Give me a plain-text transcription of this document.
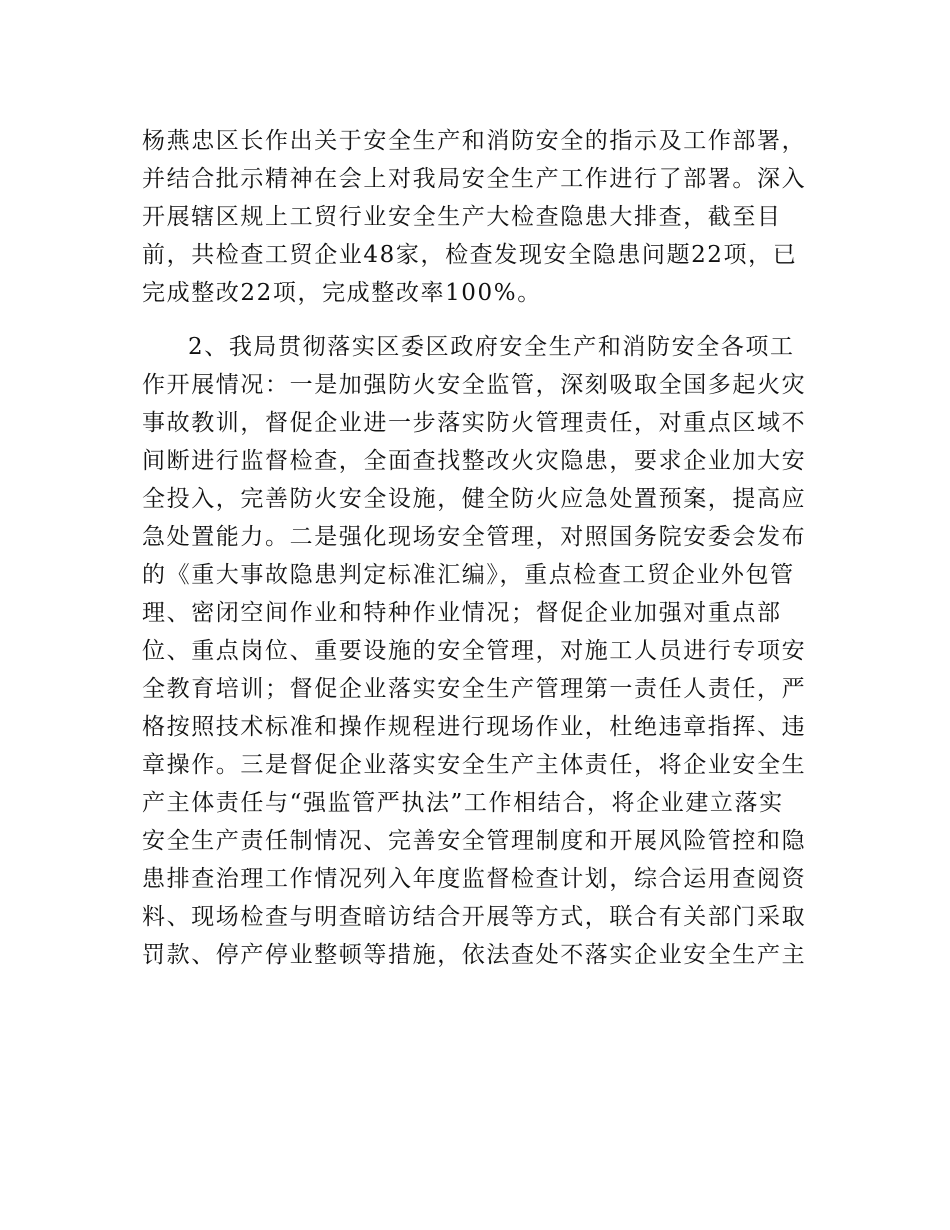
杨燕忠区长作出关于安全生产和消防安全的指示及工作部署，
并结合批示精神在会上对我局安全生产工作进行了部署。深入
开展辖区规上工贸行业安全生产大检查隐患大排查，截至目
前，共检查工贸企业48家，检查发现安全隐患问题22项，已
完成整改22项，完成整改率100%。
2、我局贯彻落实区委区政府安全生产和消防安全各项工
作开展情况：一是加强防火安全监管，深刻吸取全国多起火灾
事故教训，督促企业进一步落实防火管理责任，对重点区域不
间断进行监督检查，全面查找整改火灾隐患，要求企业加大安
全投入，完善防火安全设施，健全防火应急处置预案，提高应
急处置能力。二是强化现场安全管理，对照国务院安委会发布
的《重大事故隐患判定标准汇编》，重点检查工贸企业外包管
理、密闭空间作业和特种作业情况；督促企业加强对重点部
位、重点岗位、重要设施的安全管理，对施工人员进行专项安
全教育培训；督促企业落实安全生产管理第一责任人责任，严
格按照技术标准和操作规程进行现场作业，杜绝违章指挥、违
章操作。三是督促企业落实安全生产主体责任，将企业安全生
产主体责任与“强监管严执法”工作相结合，将企业建立落实
安全生产责任制情况、完善安全管理制度和开展风险管控和隐
患排查治理工作情况列入年度监督检查计划，综合运用查阅资
料、现场检查与明查暗访结合开展等方式，联合有关部门采取
罚款、停产停业整顿等措施，依法查处不落实企业安全生产主
